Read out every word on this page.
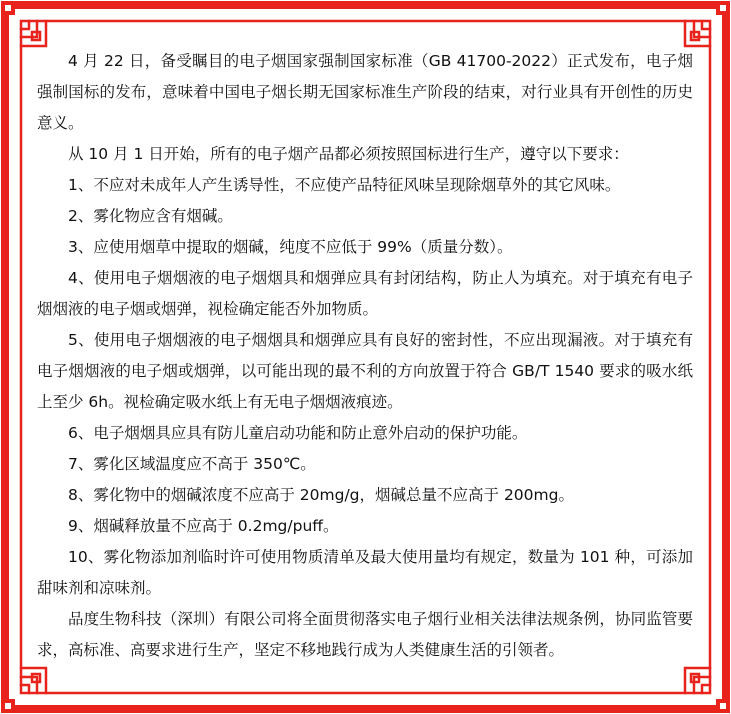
4 月 22 日，备受瞩目的电子烟国家强制国家标准（GB 41700-2022）正式发布，电子烟强制国标的发布，意味着中国电子烟长期无国家标准生产阶段的结束，对行业具有开创性的历史意义。

从 10 月 1 日开始，所有的电子烟产品都必须按照国标进行生产，遵守以下要求：

1、不应对未成年人产生诱导性，不应使产品特征风味呈现除烟草外的其它风味。

2、雾化物应含有烟碱。

3、应使用烟草中提取的烟碱，纯度不应低于 99%（质量分数）。

4、使用电子烟烟液的电子烟烟具和烟弹应具有封闭结构，防止人为填充。对于填充有电子烟烟液的电子烟或烟弹，视检确定能否外加物质。

5、使用电子烟烟液的电子烟烟具和烟弹应具有良好的密封性，不应出现漏液。对于填充有电子烟烟液的电子烟或烟弹，以可能出现的最不利的方向放置于符合 GB/T 1540 要求的吸水纸上至少 6h。视检确定吸水纸上有无电子烟烟液痕迹。

6、电子烟烟具应具有防儿童启动功能和防止意外启动的保护功能。

7、雾化区域温度应不高于 350℃。

8、雾化物中的烟碱浓度不应高于 20mg/g，烟碱总量不应高于 200mg。

9、烟碱释放量不应高于 0.2mg/puff。

10、雾化物添加剂临时许可使用物质清单及最大使用量均有规定，数量为 101 种，可添加甜味剂和凉味剂。

品度生物科技（深圳）有限公司将全面贯彻落实电子烟行业相关法律法规条例，协同监管要求，高标准、高要求进行生产，坚定不移地践行成为人类健康生活的引领者。
